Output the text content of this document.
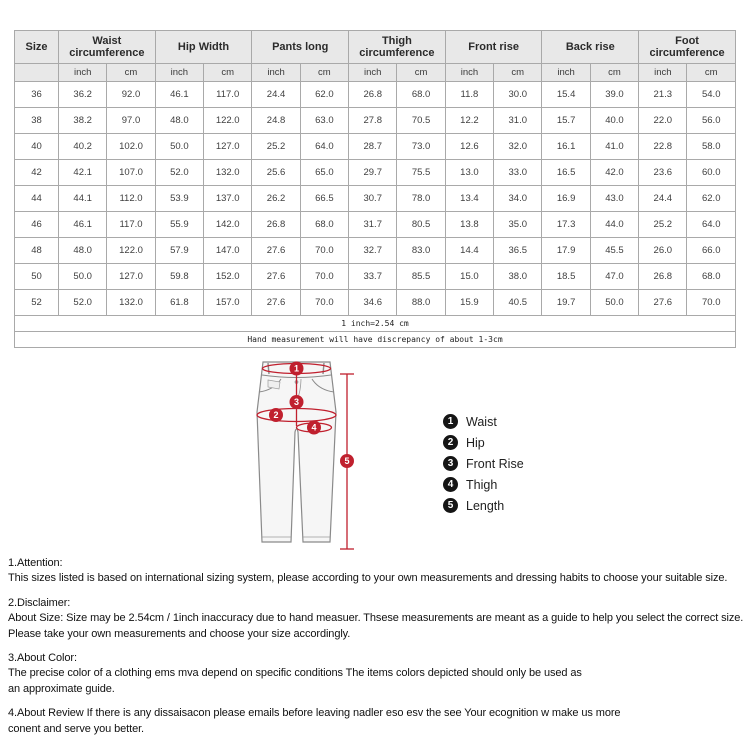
Size	Waist circumference		Hip Width		Pants long		Thigh circumference		Front rise		Back rise		Foot circumference	
	inch	cm	inch	cm	inch	cm	inch	cm	inch	cm	inch	cm	inch	cm
36	36.2	92.0	46.1	117.0	24.4	62.0	26.8	68.0	11.8	30.0	15.4	39.0	21.3	54.0
38	38.2	97.0	48.0	122.0	24.8	63.0	27.8	70.5	12.2	31.0	15.7	40.0	22.0	56.0
40	40.2	102.0	50.0	127.0	25.2	64.0	28.7	73.0	12.6	32.0	16.1	41.0	22.8	58.0
42	42.1	107.0	52.0	132.0	25.6	65.0	29.7	75.5	13.0	33.0	16.5	42.0	23.6	60.0
44	44.1	112.0	53.9	137.0	26.2	66.5	30.7	78.0	13.4	34.0	16.9	43.0	24.4	62.0
46	46.1	117.0	55.9	142.0	26.8	68.0	31.7	80.5	13.8	35.0	17.3	44.0	25.2	64.0
48	48.0	122.0	57.9	147.0	27.6	70.0	32.7	83.0	14.4	36.5	17.9	45.5	26.0	66.0
50	50.0	127.0	59.8	152.0	27.6	70.0	33.7	85.5	15.0	38.0	18.5	47.0	26.8	68.0
52	52.0	132.0	61.8	157.0	27.6	70.0	34.6	88.0	15.9	40.5	19.7	50.0	27.6	70.0
1 inch=2.54 cm														
Hand measurement will have discrepancy of about 1-3cm														
1
2
3
4
5
1	Waist
2	Hip
3	Front Rise
4	Thigh
5	Length
1.Attention:
This sizes listed is based on international sizing system, please according to your own measurements and dressing habits to choose your suitable size.
2.Disclaimer:
About Size: Size may be 2.54cm / 1inch inaccuracy due to hand measuer. Thsese measurements are meant as a guide to help you select the correct size.
Please take your own measurements and choose your size accordingly.
3.About Color:
The precise color of a clothing ems mva depend on specific conditions The items colors depicted should only be used as
an approximate guide.
4.About Review If there is any dissaisacon please emails before leaving nadler eso esv the see Your ecognition w make us more
conent and serve you better.
